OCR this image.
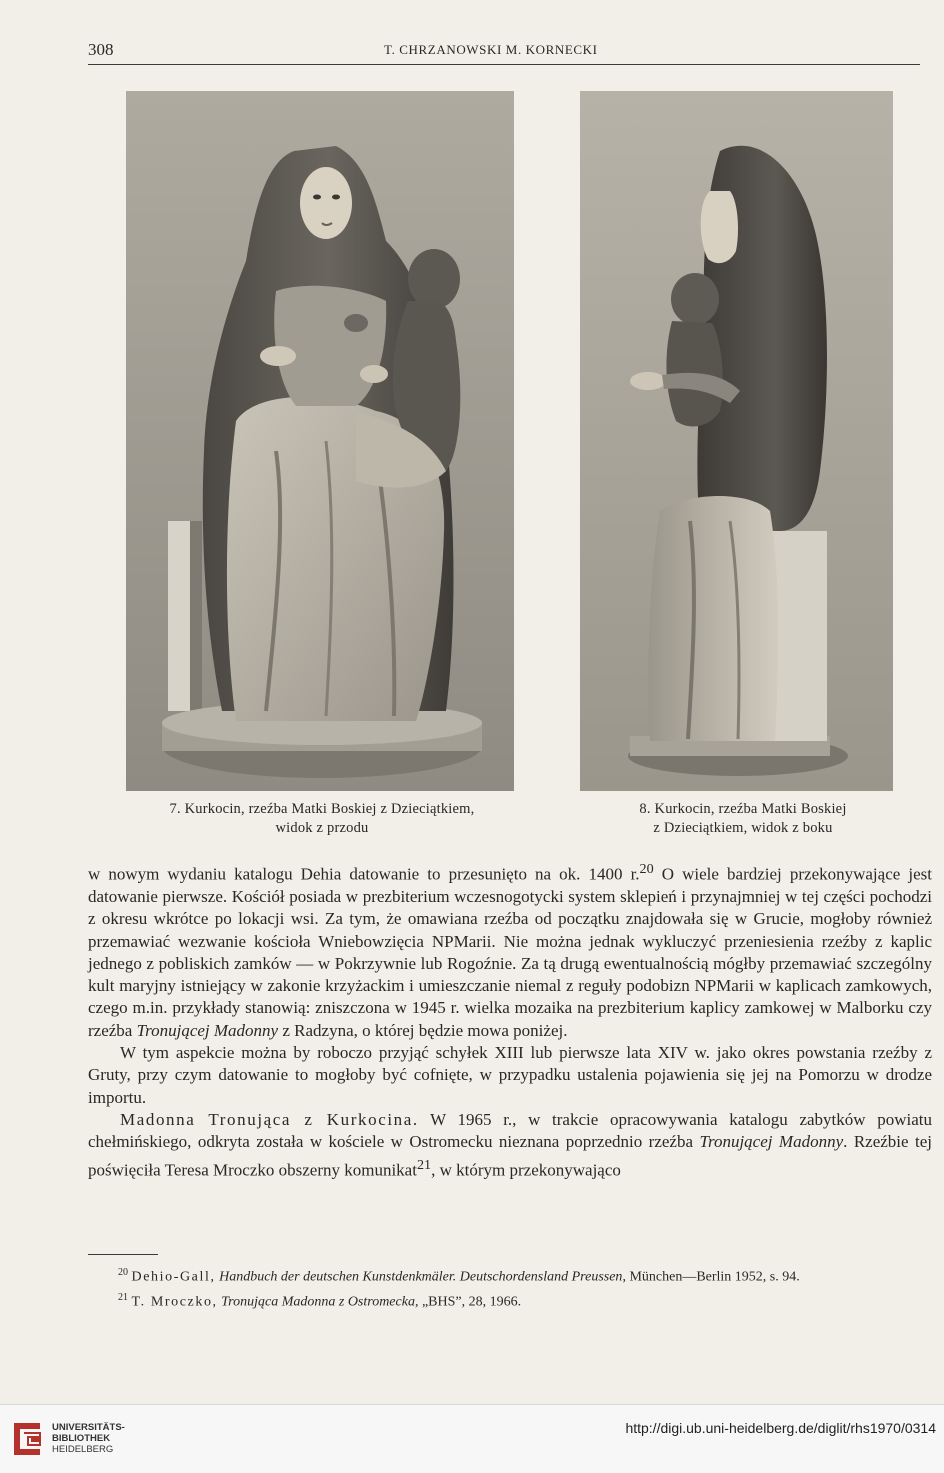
308	T. CHRZANOWSKI M. KORNECKI
7. Kurkocin, rzeźba Matki Boskiej z Dzieciątkiem,
widok z przodu
8. Kurkocin, rzeźba Matki Boskiej
z Dzieciątkiem, widok z boku

w nowym wydaniu katalogu Dehia datowanie to przesunięto na ok. 1400 r.$^{20}$ O wiele bardziej przekonywające jest datowanie pierwsze. Kościół posiada w prezbiterium wczesnogotycki system sklepień i przynajmniej w tej części pochodzi z okresu wkrótce po lokacji wsi. Za tym, że omawiana rzeźba od początku znajdowała się w Grucie, mogłoby również przemawiać wezwanie kościoła Wniebowzięcia NPMarii. Nie można jednak wykluczyć przeniesienia rzeźby z kaplic jednego z pobliskich zamków — w Pokrzywnie lub Rogoźnie. Za tą drugą ewentualnością mógłby przemawiać szczególny kult maryjny istniejący w zakonie krzyżackim i umieszczanie niemal z reguły podobizn NPMarii w kaplicach zamkowych, czego m.in. przykłady stanowią: zniszczona w 1945 r. wielka mozaika na prezbiterium kaplicy zamkowej w Malborku czy rzeźba Tronującej Madonny z Radzyna, o której będzie mowa poniżej.

W tym aspekcie można by roboczo przyjąć schyłek XIII lub pierwsze lata XIV w. jako okres powstania rzeźby z Gruty, przy czym datowanie to mogłoby być cofnięte, w przypadku ustalenia pojawienia się jej na Pomorzu w drodze importu.

Madonna Tronująca z Kurkocina. W 1965 r., w trakcie opracowywania katalogu zabytków powiatu chełmińskiego, odkryta została w kościele w Ostromecku nieznana poprzednio rzeźba Tronującej Madonny. Rzeźbie tej poświęciła Teresa Mroczko obszerny komunikat$^{21}$, w którym przekonywająco

$^{20}$ Dehio-Gall, Handbuch der deutschen Kunstdenkmäler. Deutschordensland Preussen, München—Berlin 1952, s. 94.

$^{21}$ T. Mroczko, Tronująca Madonna z Ostromecka, „BHS”, 28, 1966.

UNIVERSITÄTS-
BIBLIOTHEK
HEIDELBERG
http://digi.ub.uni-heidelberg.de/diglit/rhs1970/0314
